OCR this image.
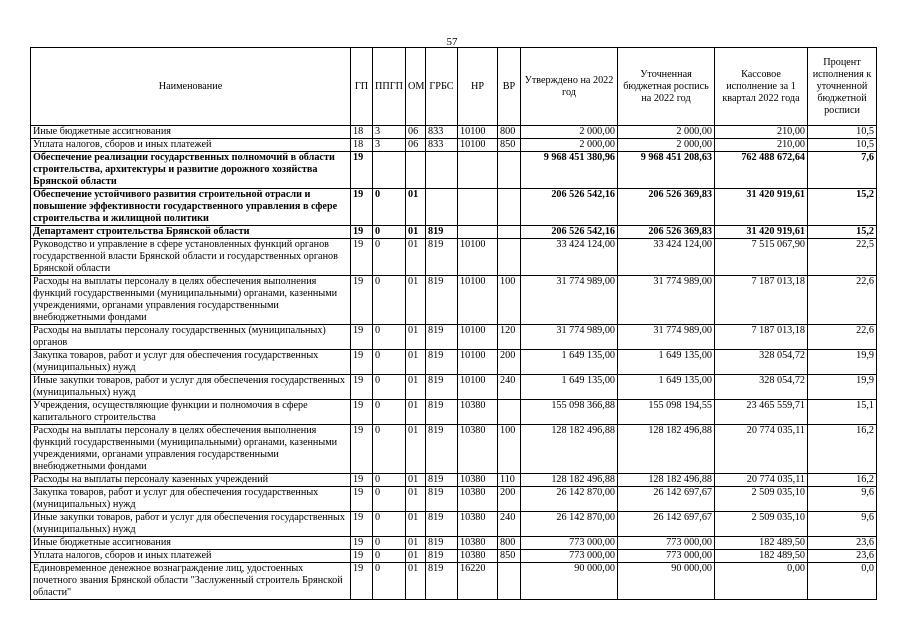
57
Наименование	ГП	ППГП	ОМ	ГРБС	НР	ВР	Утверждено на 2022 год	Уточненная бюджетная роспись на 2022 год	Кассовое исполнение за 1 квартал 2022 года	Процент исполнения к уточненной бюджетной росписи
Иные бюджетные ассигнования	18	3	06	833	10100	800	2 000,00	2 000,00	210,00	10,5
Уплата налогов, сборов и иных платежей	18	3	06	833	10100	850	2 000,00	2 000,00	210,00	10,5
Обеспечение реализации государственных полномочий в области строительства, архитектуры и развитие дорожного хозяйства Брянской области	19						9 968 451 380,96	9 968 451 208,63	762 488 672,64	7,6
Обеспечение устойчивого развития строительной отрасли и повышение эффективности государственного управления в сфере строительства и жилищной политики	19	0	01				206 526 542,16	206 526 369,83	31 420 919,61	15,2
Департамент строительства Брянской области	19	0	01	819			206 526 542,16	206 526 369,83	31 420 919,61	15,2
Руководство и управление в сфере установленных функций органов государственной власти Брянской области и государственных органов Брянской области	19	0	01	819	10100		33 424 124,00	33 424 124,00	7 515 067,90	22,5
Расходы на выплаты персоналу в целях обеспечения выполнения функций государственными (муниципальными) органами, казенными учреждениями, органами управления государственными внебюджетными фондами	19	0	01	819	10100	100	31 774 989,00	31 774 989,00	7 187 013,18	22,6
Расходы на выплаты персоналу государственных (муниципальных) органов	19	0	01	819	10100	120	31 774 989,00	31 774 989,00	7 187 013,18	22,6
Закупка товаров, работ и услуг для обеспечения государственных (муниципальных) нужд	19	0	01	819	10100	200	1 649 135,00	1 649 135,00	328 054,72	19,9
Иные закупки товаров, работ и услуг для обеспечения государственных (муниципальных) нужд	19	0	01	819	10100	240	1 649 135,00	1 649 135,00	328 054,72	19,9
Учреждения, осуществляющие функции и полномочия в сфере капитального строительства	19	0	01	819	10380		155 098 366,88	155 098 194,55	23 465 559,71	15,1
Расходы на выплаты персоналу в целях обеспечения выполнения функций государственными (муниципальными) органами, казенными учреждениями, органами управления государственными внебюджетными фондами	19	0	01	819	10380	100	128 182 496,88	128 182 496,88	20 774 035,11	16,2
Расходы на выплаты персоналу казенных учреждений	19	0	01	819	10380	110	128 182 496,88	128 182 496,88	20 774 035,11	16,2
Закупка товаров, работ и услуг для обеспечения государственных (муниципальных) нужд	19	0	01	819	10380	200	26 142 870,00	26 142 697,67	2 509 035,10	9,6
Иные закупки товаров, работ и услуг для обеспечения государственных (муниципальных) нужд	19	0	01	819	10380	240	26 142 870,00	26 142 697,67	2 509 035,10	9,6
Иные бюджетные ассигнования	19	0	01	819	10380	800	773 000,00	773 000,00	182 489,50	23,6
Уплата налогов, сборов и иных платежей	19	0	01	819	10380	850	773 000,00	773 000,00	182 489,50	23,6
Единовременное денежное вознаграждение лиц, удостоенных почетного звания Брянской области "Заслуженный строитель Брянской области"	19	0	01	819	16220		90 000,00	90 000,00	0,00	0,0
